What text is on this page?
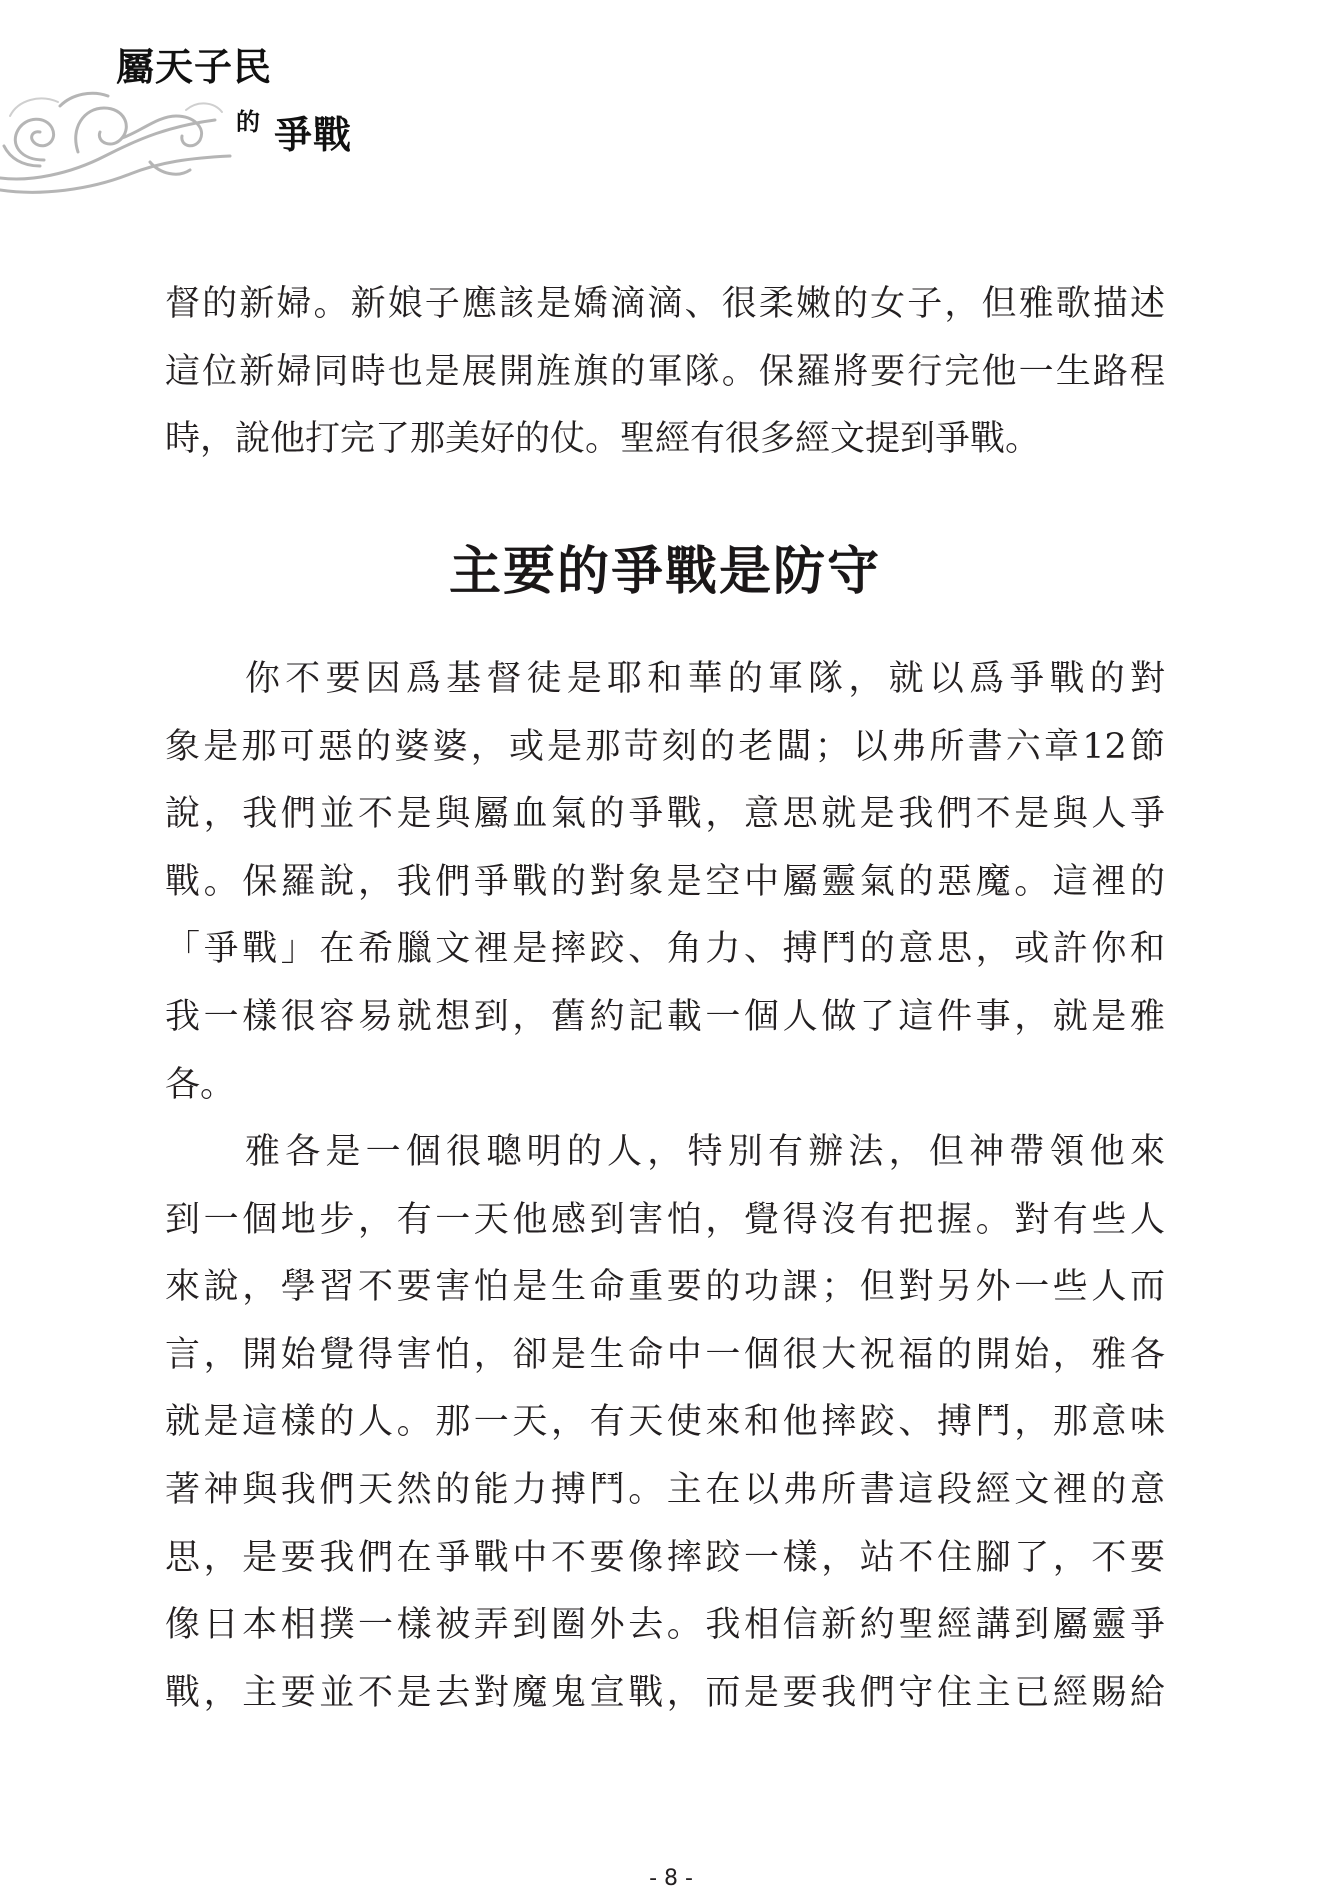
屬天子民
的 爭戰
督的新婦。新娘子應該是嬌滴滴、很柔嫩的女子，但雅歌描述
這位新婦同時也是展開旌旗的軍隊。保羅將要行完他一生路程
時，說他打完了那美好的仗。聖經有很多經文提到爭戰。
主要的爭戰是防守
你不要因爲基督徒是耶和華的軍隊，就以爲爭戰的對
象是那可惡的婆婆，或是那苛刻的老闆；以弗所書六章12節
說，我們並不是與屬血氣的爭戰，意思就是我們不是與人爭
戰。保羅說，我們爭戰的對象是空中屬靈氣的惡魔。這裡的
「爭戰」在希臘文裡是摔跤、角力、搏鬥的意思，或許你和
我一樣很容易就想到，舊約記載一個人做了這件事，就是雅
各。
雅各是一個很聰明的人，特別有辦法，但神帶領他來
到一個地步，有一天他感到害怕，覺得沒有把握。對有些人
來說，學習不要害怕是生命重要的功課；但對另外一些人而
言，開始覺得害怕，卻是生命中一個很大祝福的開始，雅各
就是這樣的人。那一天，有天使來和他摔跤、搏鬥，那意味
著神與我們天然的能力搏鬥。主在以弗所書這段經文裡的意
思，是要我們在爭戰中不要像摔跤一樣，站不住腳了，不要
像日本相撲一樣被弄到圈外去。我相信新約聖經講到屬靈爭
戰，主要並不是去對魔鬼宣戰，而是要我們守住主已經賜給
- 8 -
